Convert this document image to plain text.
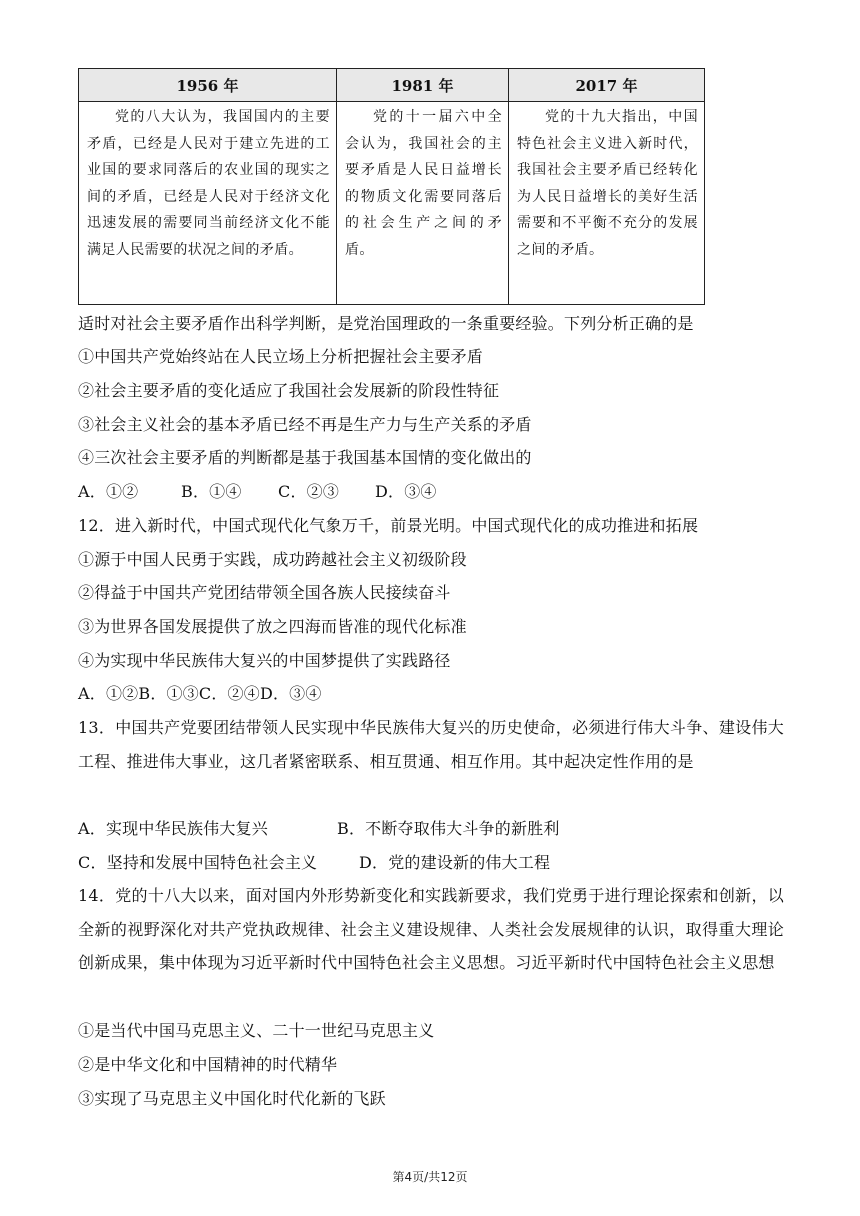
1956 年	1981 年	2017 年
党的八大认为，我国国内的主要矛盾，已经是人民对于建立先进的工业国的要求同落后的农业国的现实之间的矛盾，已经是人民对于经济文化迅速发展的需要同当前经济文化不能满足人民需要的状况之间的矛盾。	党的十一届六中全会认为，我国社会的主要矛盾是人民日益增长的物质文化需要同落后的社会生产之间的矛盾。	党的十九大指出，中国特色社会主义进入新时代，我国社会主要矛盾已经转化为人民日益增长的美好生活需要和不平衡不充分的发展之间的矛盾。
适时对社会主要矛盾作出科学判断，是党治国理政的一条重要经验。下列分析正确的是
①中国共产党始终站在人民立场上分析把握社会主要矛盾
②社会主要矛盾的变化适应了我国社会发展新的阶段性特征
③社会主义社会的基本矛盾已经不再是生产力与生产关系的矛盾
④三次社会主要矛盾的判断都是基于我国基本国情的变化做出的
A．①②	B．①④ C．②③ D．③④
12．进入新时代，中国式现代化气象万千，前景光明。中国式现代化的成功推进和拓展
①源于中国人民勇于实践，成功跨越社会主义初级阶段
②得益于中国共产党团结带领全国各族人民接续奋斗
③为世界各国发展提供了放之四海而皆准的现代化标准
④为实现中华民族伟大复兴的中国梦提供了实践路径
A．①②B．①③C．②④D．③④
13．中国共产党要团结带领人民实现中华民族伟大复兴的历史使命，必须进行伟大斗争、建设伟大工程、推进伟大事业，这几者紧密联系、相互贯通、相互作用。其中起决定性作用的是
A．实现中华民族伟大复兴	B．不断夺取伟大斗争的新胜利
C．坚持和发展中国特色社会主义	D．党的建设新的伟大工程
14．党的十八大以来，面对国内外形势新变化和实践新要求，我们党勇于进行理论探索和创新，以全新的视野深化对共产党执政规律、社会主义建设规律、人类社会发展规律的认识，取得重大理论创新成果，集中体现为习近平新时代中国特色社会主义思想。习近平新时代中国特色社会主义思想
①是当代中国马克思主义、二十一世纪马克思主义
②是中华文化和中国精神的时代精华
③实现了马克思主义中国化时代化新的飞跃
第4页/共12页
